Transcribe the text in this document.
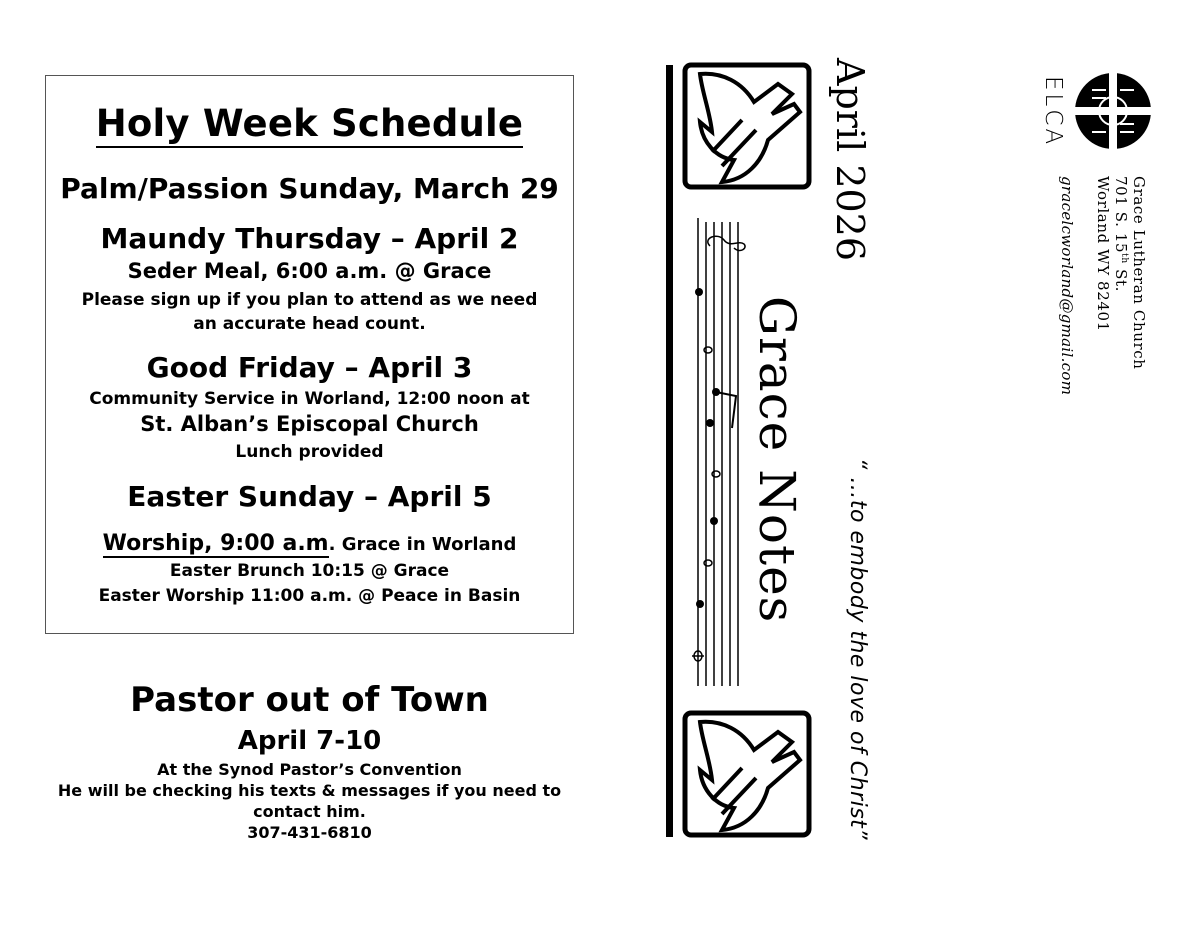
Holy Week Schedule
Palm/Passion Sunday, March 29
Maundy Thursday – April 2
Seder Meal, 6:00 a.m. @ Grace
Please sign up if you plan to attend as we need
an accurate head count.
Good Friday – April 3
Community Service in Worland, 12:00 noon at
St. Alban’s Episcopal Church
Lunch provided
Easter Sunday – April 5
Worship, 9:00 a.m. Grace in Worland
Easter Brunch 10:15 @ Grace
Easter Worship 11:00 a.m. @ Peace in Basin
Pastor out of Town
April 7-10
At the Synod Pastor’s Convention
He will be checking his texts & messages if you need to
contact him.
307-431-6810
April 2026
Grace Notes “ …to embody the love of Christ”
ELCA
Grace Lutheran Church
701 S. 15th St.
Worland WY 82401
gracelcworland@gmail.com
